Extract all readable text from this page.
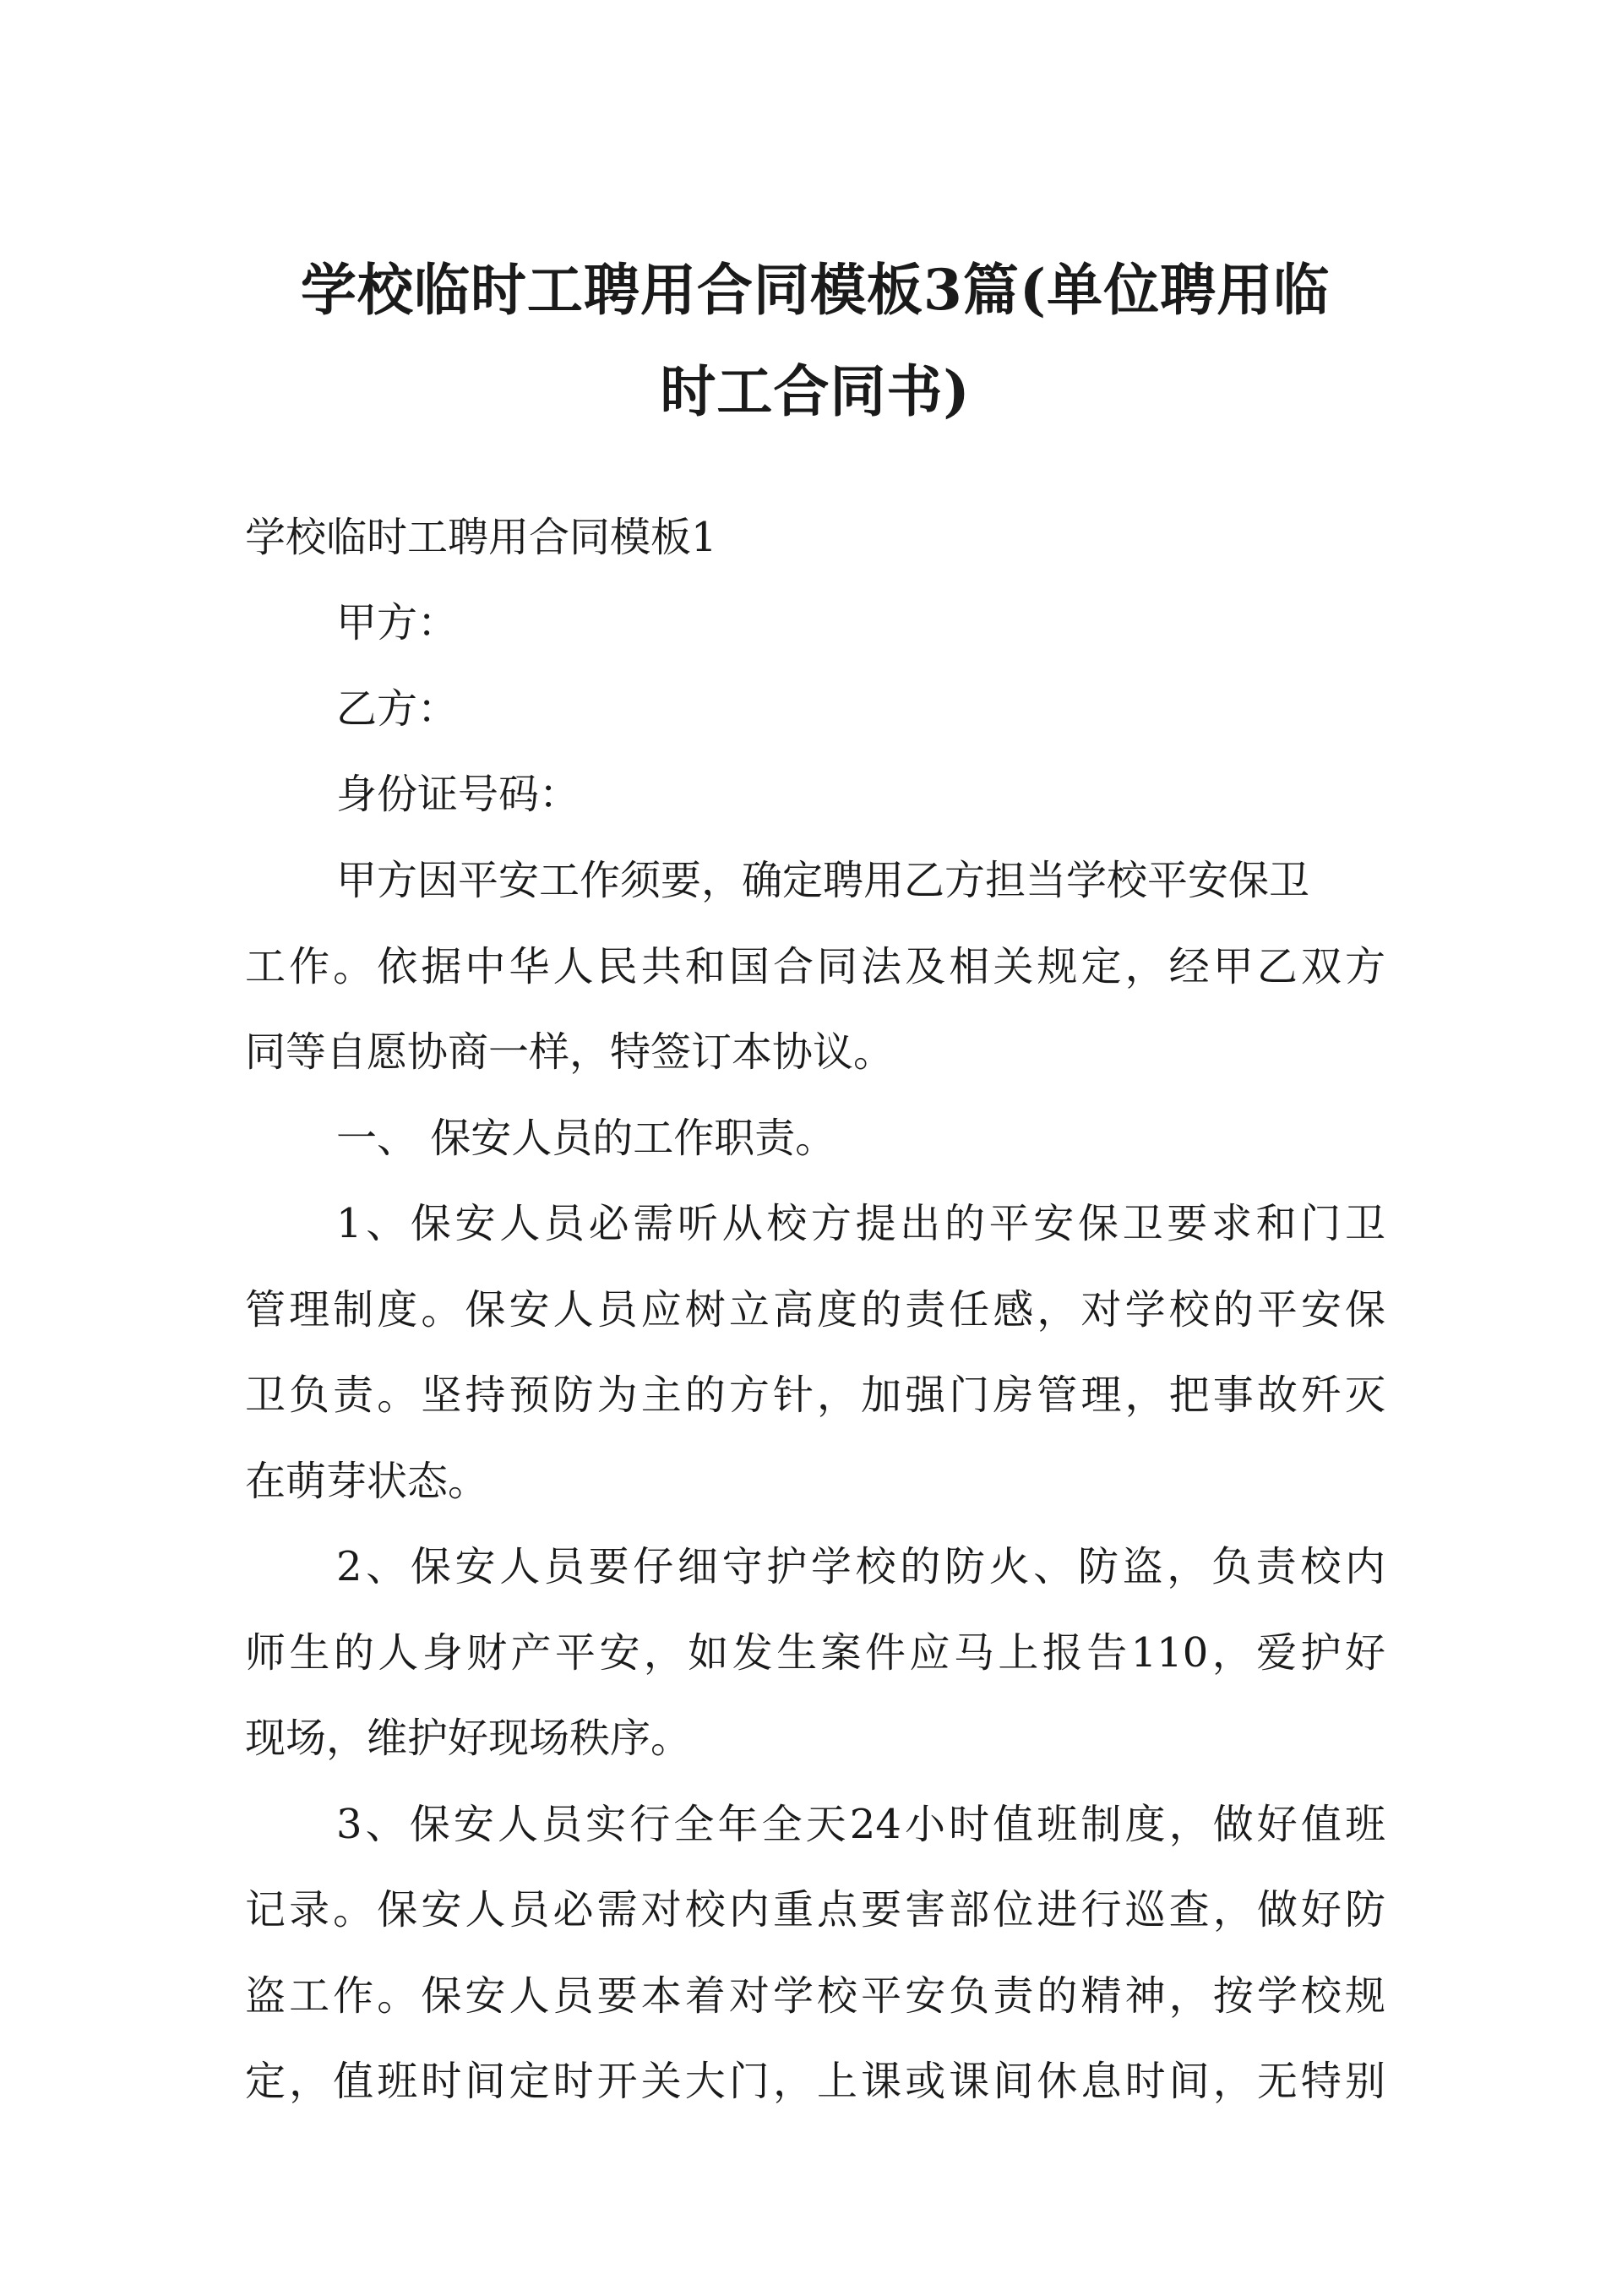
学校临时工聘用合同模板3篇(单位聘用临
时工合同书)

学校临时工聘用合同模板1

甲方：

乙方：

身份证号码：

甲方因平安工作须要，确定聘用乙方担当学校平安保卫

工作。依据中华人民共和国合同法及相关规定，经甲乙双方

同等自愿协商一样，特签订本协议。

一、 保安人员的工作职责。

1、保安人员必需听从校方提出的平安保卫要求和门卫

管理制度。保安人员应树立高度的责任感，对学校的平安保

卫负责。坚持预防为主的方针，加强门房管理，把事故歼灭

在萌芽状态。

2、保安人员要仔细守护学校的防火、防盗，负责校内

师生的人身财产平安，如发生案件应马上报告110，爱护好

现场，维护好现场秩序。

3、保安人员实行全年全天24小时值班制度，做好值班

记录。保安人员必需对校内重点要害部位进行巡查，做好防

盗工作。保安人员要本着对学校平安负责的精神，按学校规

定，值班时间定时开关大门，上课或课间休息时间，无特别
